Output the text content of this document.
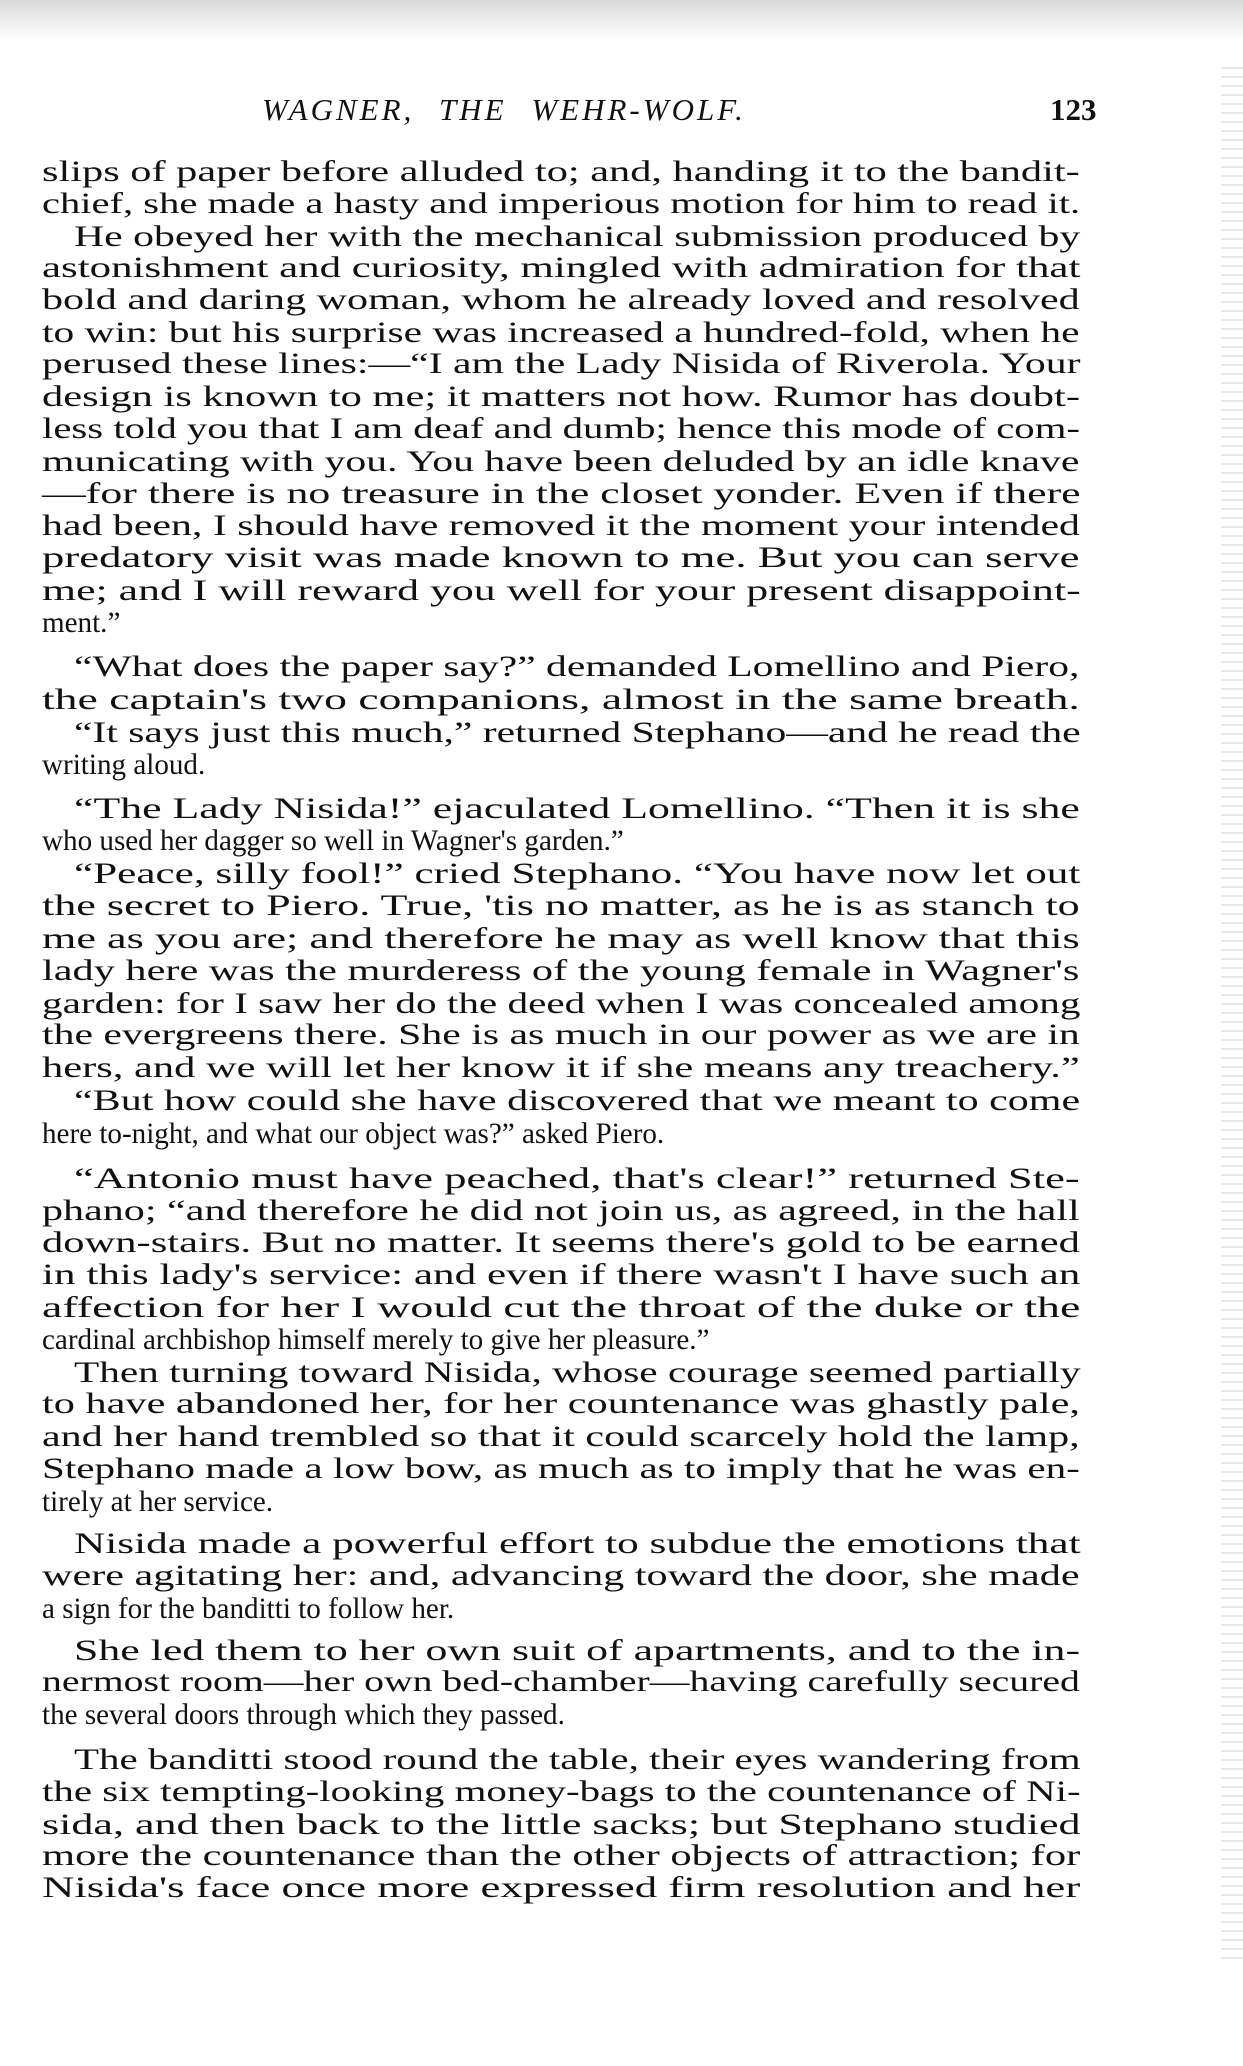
WAGNER, THE WEHR-WOLF.	123
slips of paper before alluded to; and, handing it to the bandit-
chief, she made a hasty and imperious motion for him to read it.
He obeyed her with the mechanical submission produced by
astonishment and curiosity, mingled with admiration for that
bold and daring woman, whom he already loved and resolved
to win: but his surprise was increased a hundred-fold, when he
perused these lines:—“I am the Lady Nisida of Riverola. Your
design is known to me; it matters not how. Rumor has doubt-
less told you that I am deaf and dumb; hence this mode of com-
municating with you. You have been deluded by an idle knave
—for there is no treasure in the closet yonder. Even if there
had been, I should have removed it the moment your intended
predatory visit was made known to me. But you can serve
me; and I will reward you well for your present disappoint-
ment.”
“What does the paper say?” demanded Lomellino and Piero,
the captain's two companions, almost in the same breath.
“It says just this much,” returned Stephano—and he read the
writing aloud.
“The Lady Nisida!” ejaculated Lomellino. “Then it is she
who used her dagger so well in Wagner's garden.”
“Peace, silly fool!” cried Stephano. “You have now let out
the secret to Piero. True, 'tis no matter, as he is as stanch to
me as you are; and therefore he may as well know that this
lady here was the murderess of the young female in Wagner's
garden: for I saw her do the deed when I was concealed among
the evergreens there. She is as much in our power as we are in
hers, and we will let her know it if she means any treachery.”
“But how could she have discovered that we meant to come
here to-night, and what our object was?” asked Piero.
“Antonio must have peached, that's clear!” returned Ste-
phano; “and therefore he did not join us, as agreed, in the hall
down-stairs. But no matter. It seems there's gold to be earned
in this lady's service: and even if there wasn't I have such an
affection for her I would cut the throat of the duke or the
cardinal archbishop himself merely to give her pleasure.”
Then turning toward Nisida, whose courage seemed partially
to have abandoned her, for her countenance was ghastly pale,
and her hand trembled so that it could scarcely hold the lamp,
Stephano made a low bow, as much as to imply that he was en-
tirely at her service.
Nisida made a powerful effort to subdue the emotions that
were agitating her: and, advancing toward the door, she made
a sign for the banditti to follow her.
She led them to her own suit of apartments, and to the in-
nermost room—her own bed-chamber—having carefully secured
the several doors through which they passed.
The banditti stood round the table, their eyes wandering from
the six tempting-looking money-bags to the countenance of Ni-
sida, and then back to the little sacks; but Stephano studied
more the countenance than the other objects of attraction; for
Nisida's face once more expressed firm resolution and her
